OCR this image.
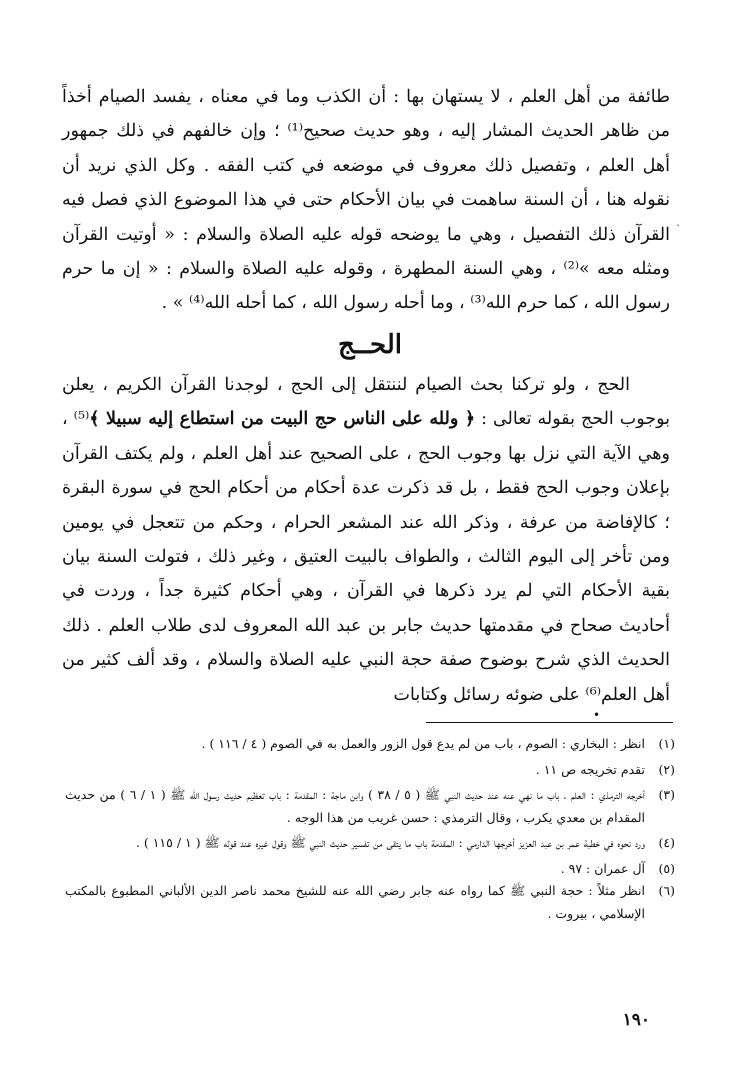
طائفة من أهل العلم ، لا يستهان بها : أن الكذب وما في معناه ، يفسد الصيام أخذاً من ظاهر الحديث المشار إليه ، وهو حديث صحيح⁽¹⁾ ؛ وإن خالفهم في ذلك جمهور أهل العلم ، وتفصيل ذلك معروف في موضعه في كتب الفقه . وكل الذي نريد أن نقوله هنا ، أن السنة ساهمت في بيان الأحكام حتى في هذا الموضوع الذي فصل فيه القرآن ذلك التفصيل ، وهي ما يوضحه قوله عليه الصلاة والسلام : « أوتيت القرآن ومثله معه »⁽²⁾ ، وهي السنة المطهرة ، وقوله عليه الصلاة والسلام : « إن ما حرم رسول الله ، كما حرم الله⁽³⁾ ، وما أحله رسول الله ، كما أحله الله⁽⁴⁾ » .

الحــج

الحج ، ولو تركنا بحث الصيام لننتقل إلى الحج ، لوجدنا القرآن الكريم ، يعلن بوجوب الحج بقوله تعالى : ﴿ ولله على الناس حج البيت من استطاع إليه سبيلا ﴾⁽⁵⁾ ، وهي الآية التي نزل بها وجوب الحج ، على الصحيح عند أهل العلم ، ولم يكتف القرآن بإعلان وجوب الحج فقط ، بل قد ذكرت عدة أحكام من أحكام الحج في سورة البقرة ؛ كالإفاضة من عرفة ، وذكر الله عند المشعر الحرام ، وحكم من تتعجل في يومين ومن تأخر إلى اليوم الثالث ، والطواف بالبيت العتيق ، وغير ذلك ، فتولت السنة بيان بقية الأحكام التي لم يرد ذكرها في القرآن ، وهي أحكام كثيرة جداً ، وردت في أحاديث صحاح في مقدمتها حديث جابر بن عبد الله المعروف لدى طلاب العلم . ذلك الحديث الذي شرح بوضوح صفة حجة النبي عليه الصلاة والسلام ، وقد ألف كثير من أهل العلم⁽⁶⁾ على ضوئه رسائل وكتابات

ˏ
•
(١)
انظر : البخاري : الصوم ، باب من لم يدع قول الزور والعمل به في الصوم ( ٤ / ١١٦ ) .
(٢)
تقدم تخريجه ص ١١ .
(٣)
أخرجه الترمذي : العلم ، باب ما نهي عنه عند حديث النبي ﷺ ( ٥ / ٣٨ ) وابن ماجة : المقدمة : باب تعظيم حديث رسول الله ﷺ ( ١ / ٦ ) من حديث المقدام بن معدي يكرب ، وقال الترمذي : حسن غريب من هذا الوجه .
(٤)
ورد نحوه في خطبة عمر بن عبد العزيز أخرجها الدارمي : المقدمة باب ما يتقى من تفسير حديث النبي ﷺ وقول غيره عند قوله ﷺ ( ١ / ١١٥ ) .
(٥)
آل عمران : ٩٧ .
(٦)
انظر مثلاً : حجة النبي ﷺ كما رواه عنه جابر رضي الله عنه للشيخ محمد ناصر الدين الألباني المطبوع بالمكتب الإسلامي ، بيروت .
١٩٠
